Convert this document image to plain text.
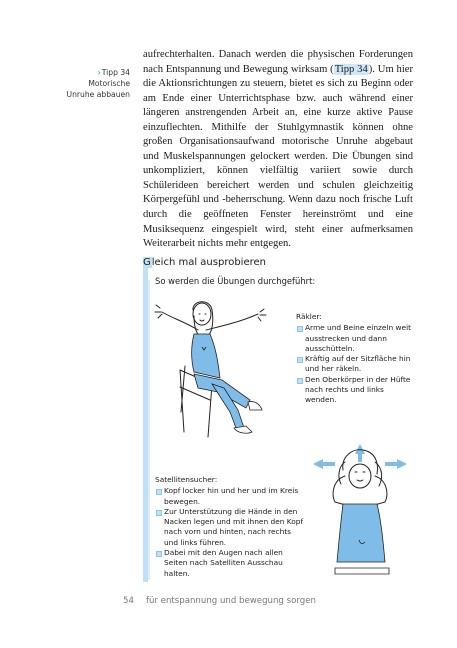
›Tipp 34
Motorische
Unruhe abbauen

aufrechterhalten. Danach werden die physischen Forderungen nach Entspannung und Bewegung wirksam (Tipp 34). Um hier die Aktionsrichtungen zu steuern, bietet es sich zu Beginn oder am Ende einer Unterrichtsphase bzw. auch während einer längeren anstrengenden Arbeit an, eine kurze aktive Pause einzuflechten. Mithilfe der Stuhlgymnastik können ohne großen Organisationsaufwand motorische Unruhe abgebaut und Muskelspannungen gelockert werden. Die Übungen sind unkompliziert, können vielfältig variiert sowie durch Schülerideen bereichert werden und schulen gleichzeitig Körpergefühl und -beherrschung. Wenn dazu noch frische Luft durch die geöffneten Fenster hereinströmt und eine Musiksequenz eingespielt wird, steht einer aufmerksamen Weiterarbeit nichts mehr entgegen.

Gleich mal ausprobieren
So werden die Übungen durchgeführt:
Räkler:
Arme und Beine einzeln weit ausstrecken und dann ausschütteln.
Kräftig auf der Sitzfläche hin und her räkeln.
Den Oberkörper in der Hüfte nach rechts und links wenden.
Satellitensucher:
Kopf locker hin und her und im Kreis bewegen.
Zur Unterstützung die Hände in den Nacken legen und mit ihnen den Kopf nach vorn und hinten, nach rechts und links führen.
Dabei mit den Augen nach allen Seiten nach Satelliten Ausschau halten.
54 für entspannung und bewegung sorgen
